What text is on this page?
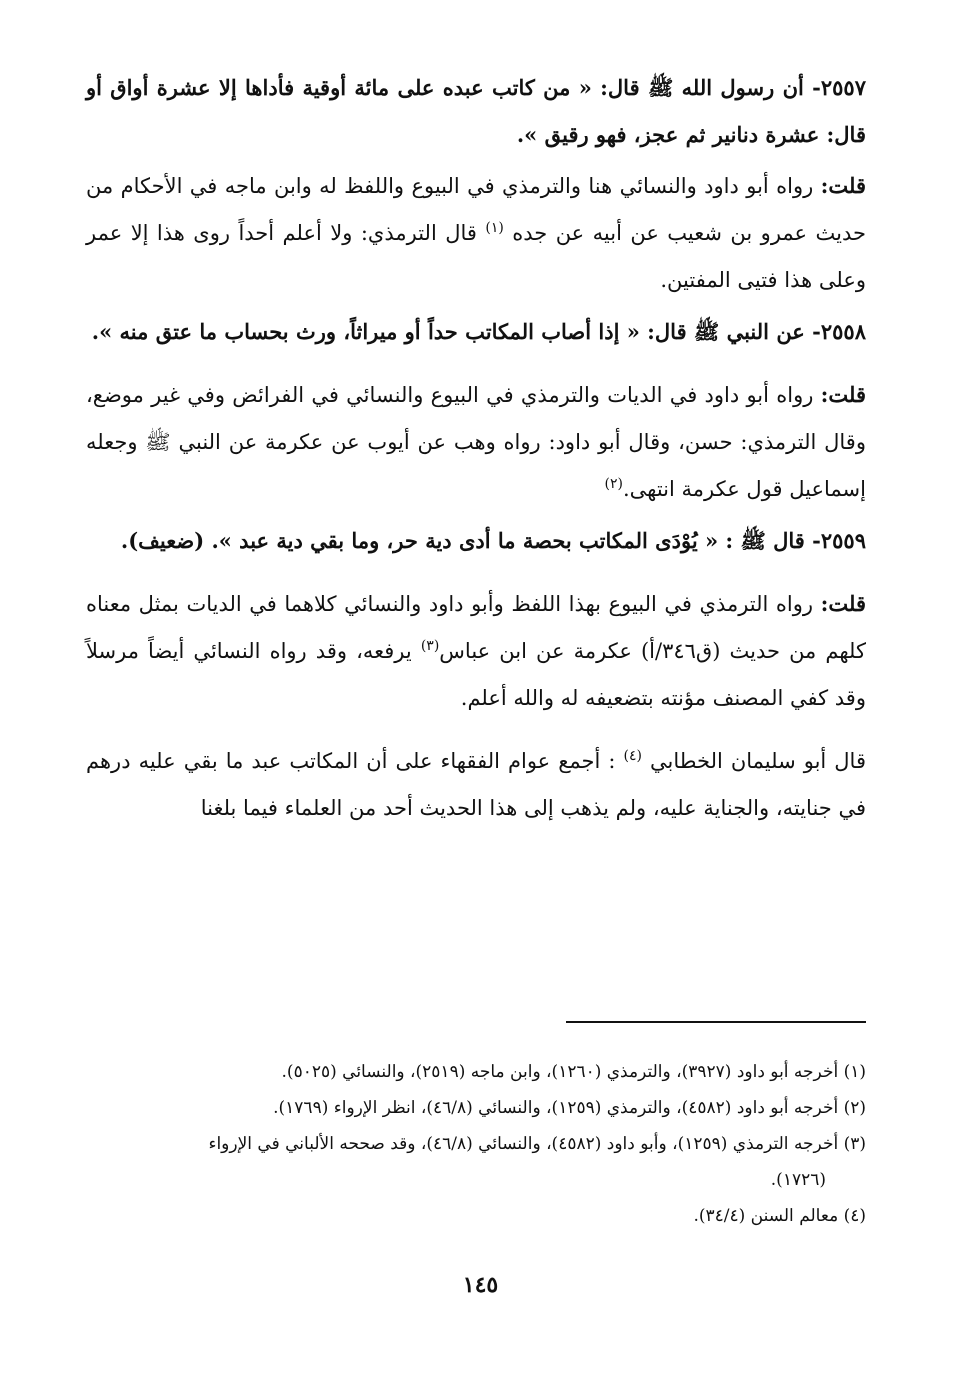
٢٥٥٧- أن رسول الله ﷺ قال: « من كاتب عبده على مائة أوقية فأداها إلا عشرة أواق أو قال: عشرة دنانير ثم عجز، فهو رقيق ».

قلت: رواه أبو داود والنسائي هنا والترمذي في البيوع واللفظ له وابن ماجه في الأحكام من حديث عمرو بن شعيب عن أبيه عن جده $^{(١)}$ قال الترمذي: ولا أعلم أحداً روى هذا إلا عمر وعلى هذا فتيى المفتين.

٢٥٥٨- عن النبي ﷺ قال: « إذا أصاب المكاتب حداً أو ميراثاً، ورث بحساب ما عتق منه ».

قلت: رواه أبو داود في الديات والترمذي في البيوع والنسائي في الفرائض وفي غير موضع، وقال الترمذي: حسن، وقال أبو داود: رواه وهب عن أيوب عن عكرمة عن النبي ﷺ وجعله إسماعيل قول عكرمة انتهى.$^{(٢)}$

٢٥٥٩- قال ﷺ : « يُوْدَى المكاتب بحصة ما أدى دية حر، وما بقي دية عبد ». (ضعيف).

قلت: رواه الترمذي في البيوع بهذا اللفظ وأبو داود والنسائي كلاهما في الديات بمثل معناه كلهم من حديث (ق٣٤٦/أ) عكرمة عن ابن عباس$^{(٣)}$ يرفعه، وقد رواه النسائي أيضاً مرسلاً وقد كفي المصنف مؤنته بتضعيفه له والله أعلم.

قال أبو سليمان الخطابي $^{(٤)}$ : أجمع عوام الفقهاء على أن المكاتب عبد ما بقي عليه درهم في جنايته، والجناية عليه، ولم يذهب إلى هذا الحديث أحد من العلماء فيما بلغنا

(١) أخرجه أبو داود (٣٩٢٧)، والترمذي (١٢٦٠)، وابن ماجه (٢٥١٩)، والنسائي (٥٠٢٥).
(٢) أخرجه أبو داود (٤٥٨٢)، والترمذي (١٢٥٩)، والنسائي (٤٦/٨)، انظر الإرواء (١٧٦٩).
(٣) أخرجه الترمذي (١٢٥٩)، وأبو داود (٤٥٨٢)، والنسائي (٤٦/٨)، وقد صححه الألباني في الإرواء
(١٧٢٦).
(٤) معالم السنن (٣٤/٤).
١٤٥
